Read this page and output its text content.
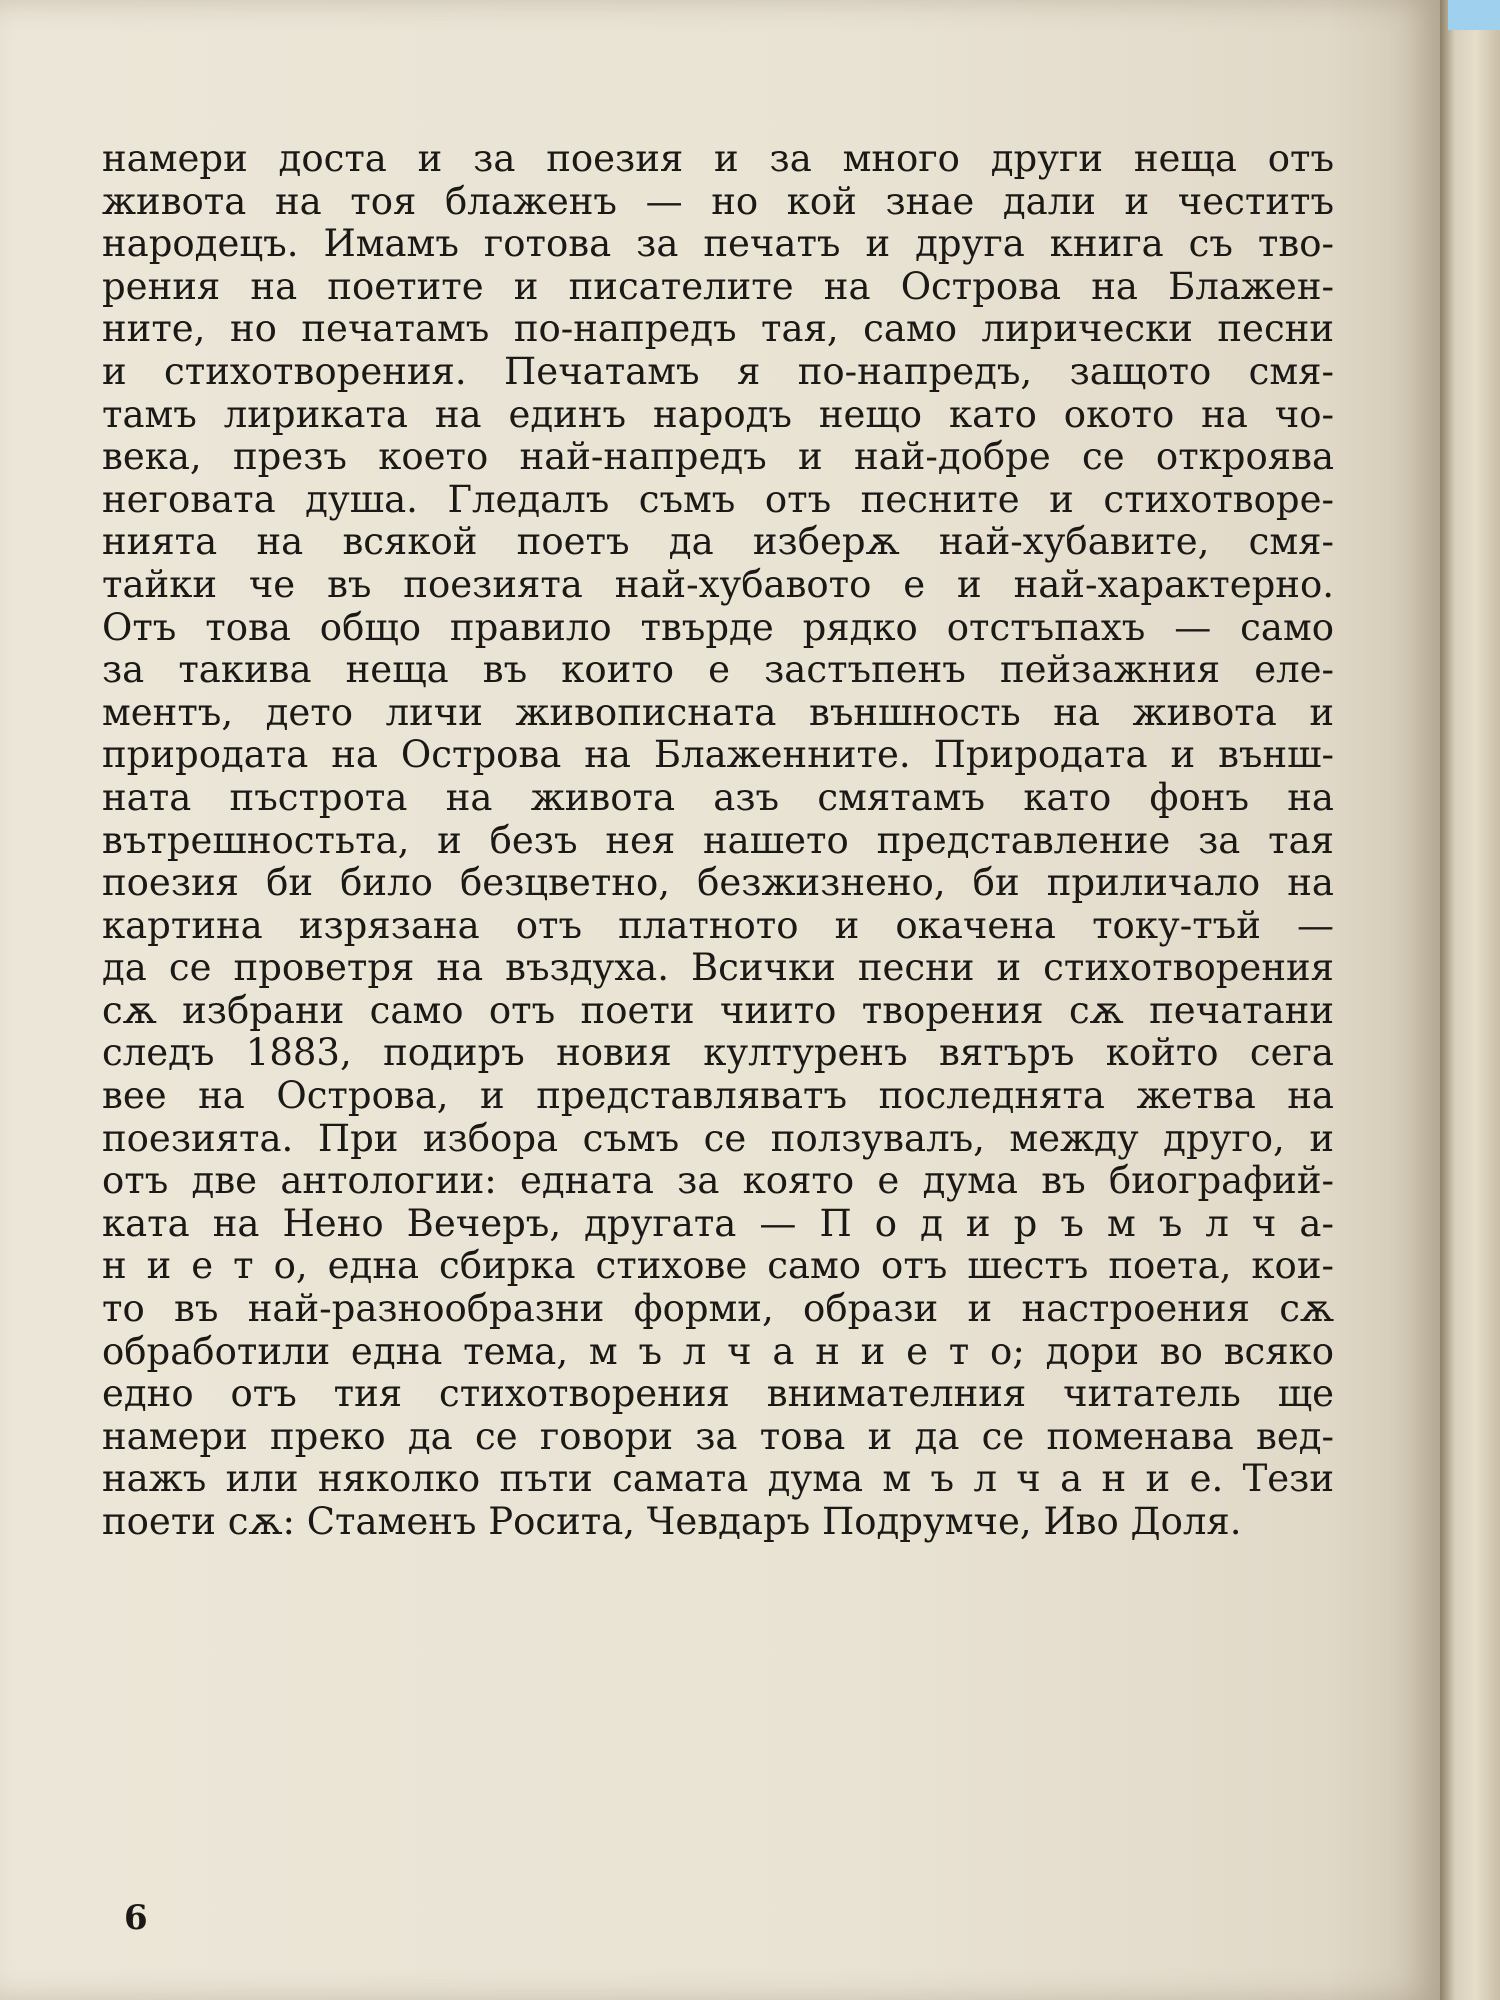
намери доста и за поезия и за много други неща отъ
живота на тоя блаженъ — но кой знае дали и честитъ
народецъ. Имамъ готова за печатъ и друга книга съ тво-
рения на поетите и писателите на Острова на Блажен-
ните, но печатамъ по-напредъ тая, само лирически песни
и стихотворения. Печатамъ я по-напредъ, защото смя-
тамъ лириката на единъ народъ нещо като окото на чо-
века, презъ което най-напредъ и най-добре се откроява
неговата душа. Гледалъ съмъ отъ песните и стихотворе-
нията на всякой поетъ да изберѫ най-хубавите, смя-
тайки че въ поезията най-хубавото е и най-характерно.
Отъ това общо правило твърде рядко отстъпахъ — само
за такива неща въ които е застъпенъ пейзажния еле-
ментъ, дето личи живописната външность на живота и
природата на Острова на Блаженните. Природата и външ-
ната пъстрота на живота азъ смятамъ като фонъ на
вътрешностьта, и безъ нея нашето представление за тая
поезия би било безцветно, безжизнено, би приличало на
картина изрязана отъ платното и окачена току-тъй —
да се проветря на въздуха. Всички песни и стихотворения
сѫ избрани само отъ поети чиито творения сѫ печатани
следъ 1883, подиръ новия културенъ вятъръ който сега
вее на Острова, и представляватъ последнята жетва на
поезията. При избора съмъ се ползувалъ, между друго, и
отъ две антологии: едната за която е дума въ биографий-
ката на Нено Вечеръ, другата — П о д и р ъ м ъ л ч а-
н и е т о, една сбирка стихове само отъ шестъ поета, кои-
то въ най-разнообразни форми, образи и настроения сѫ
обработили една тема, м ъ л ч а н и е т о; дори во всяко
едно отъ тия стихотворения внимателния читатель ще
намери преко да се говори за това и да се поменава вед-
нажъ или няколко пъти самата дума м ъ л ч а н и е. Тези
поети сѫ: Стаменъ Росита, Чевдаръ Подрумче, Иво Доля.
6
